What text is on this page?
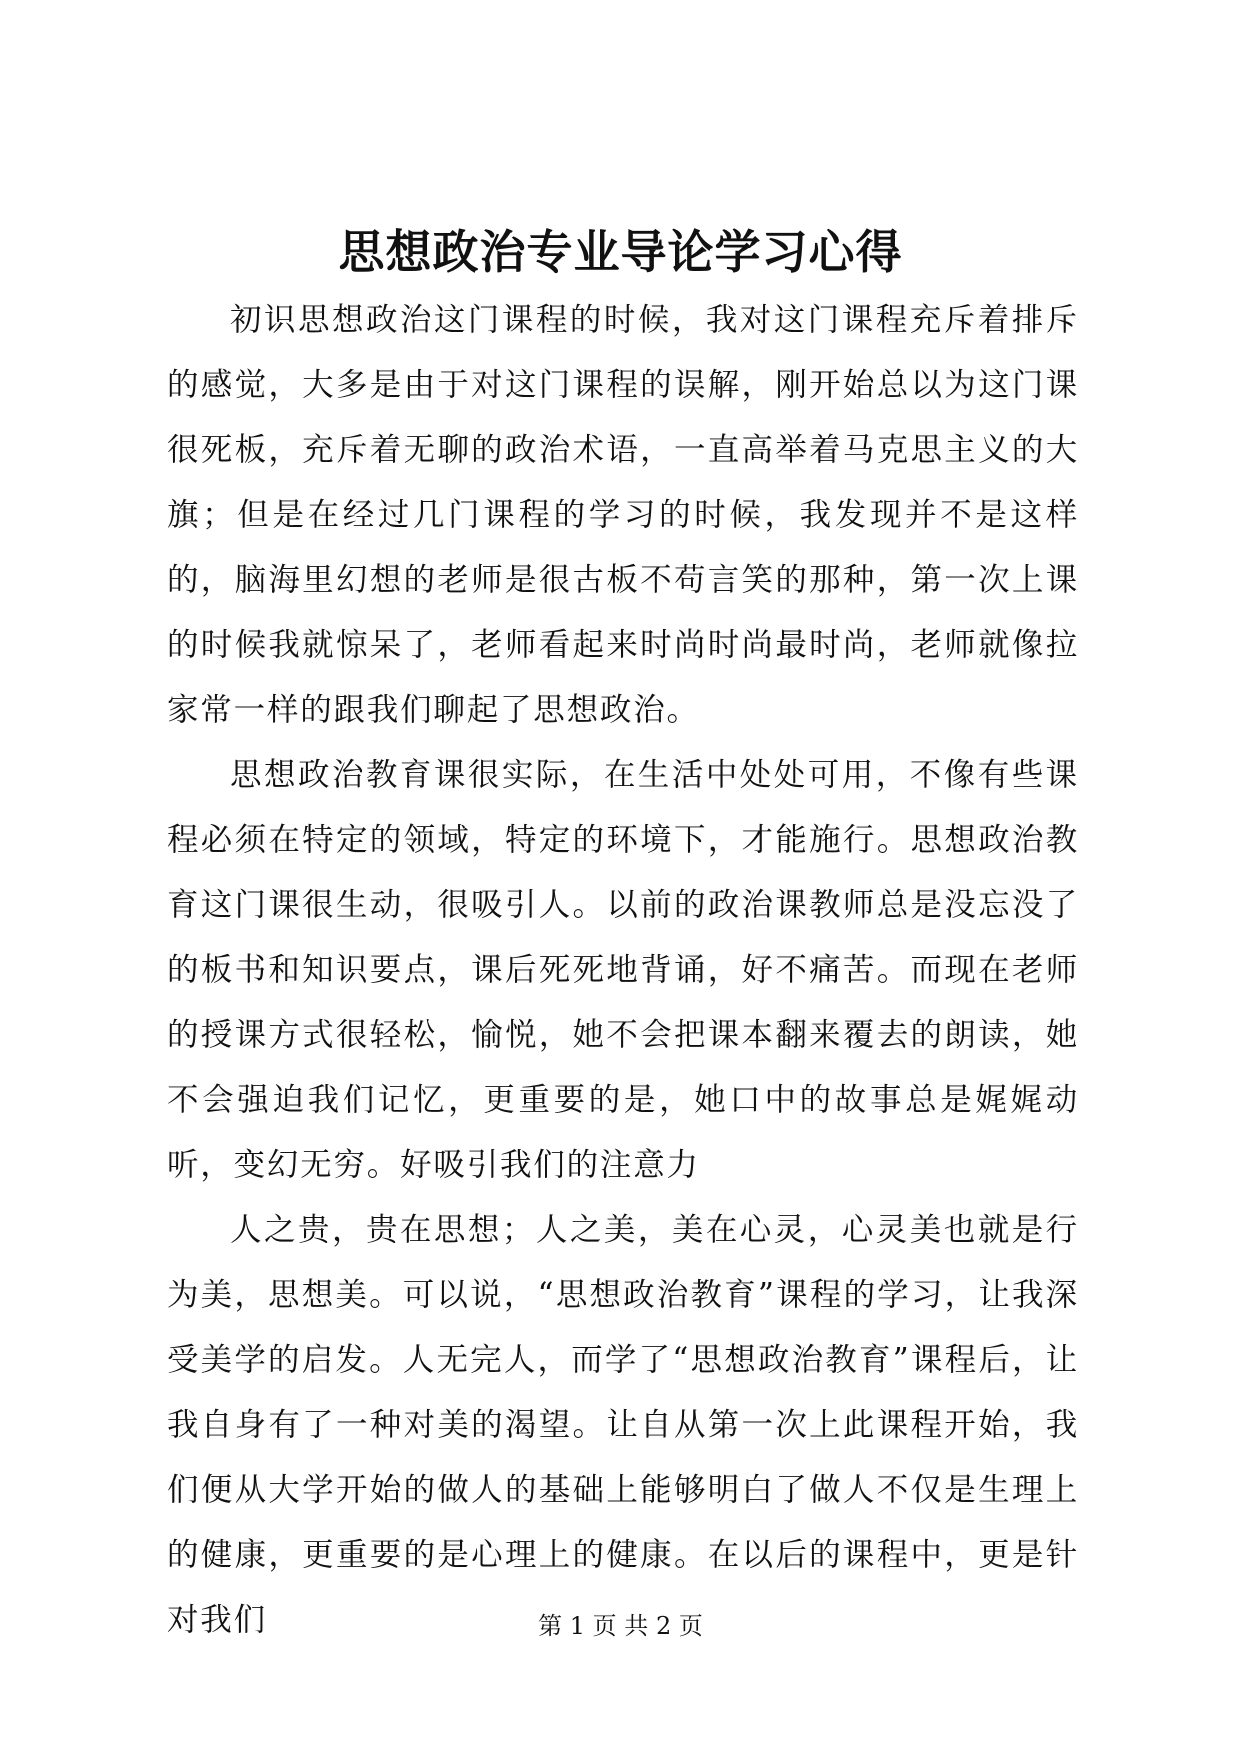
思想政治专业导论学习心得

初识思想政治这门课程的时候，我对这门课程充斥着排斥的感觉，大多是由于对这门课程的误解，刚开始总以为这门课很死板，充斥着无聊的政治术语，一直高举着马克思主义的大旗；但是在经过几门课程的学习的时候，我发现并不是这样的，脑海里幻想的老师是很古板不苟言笑的那种，第一次上课的时候我就惊呆了，老师看起来时尚时尚最时尚，老师就像拉家常一样的跟我们聊起了思想政治。

思想政治教育课很实际，在生活中处处可用，不像有些课程必须在特定的领域，特定的环境下，才能施行。思想政治教育这门课很生动，很吸引人。以前的政治课教师总是没忘没了的板书和知识要点，课后死死地背诵，好不痛苦。而现在老师的授课方式很轻松，愉悦，她不会把课本翻来覆去的朗读，她不会强迫我们记忆，更重要的是，她口中的故事总是娓娓动听，变幻无穷。好吸引我们的注意力

人之贵，贵在思想；人之美，美在心灵，心灵美也就是行为美，思想美。可以说，“思想政治教育”课程的学习，让我深受美学的启发。人无完人，而学了“思想政治教育”课程后，让我自身有了一种对美的渴望。让自从第一次上此课程开始，我们便从大学开始的做人的基础上能够明白了做人不仅是生理上的健康，更重要的是心理上的健康。在以后的课程中，更是针对我们	第 1 页 共 2 页
